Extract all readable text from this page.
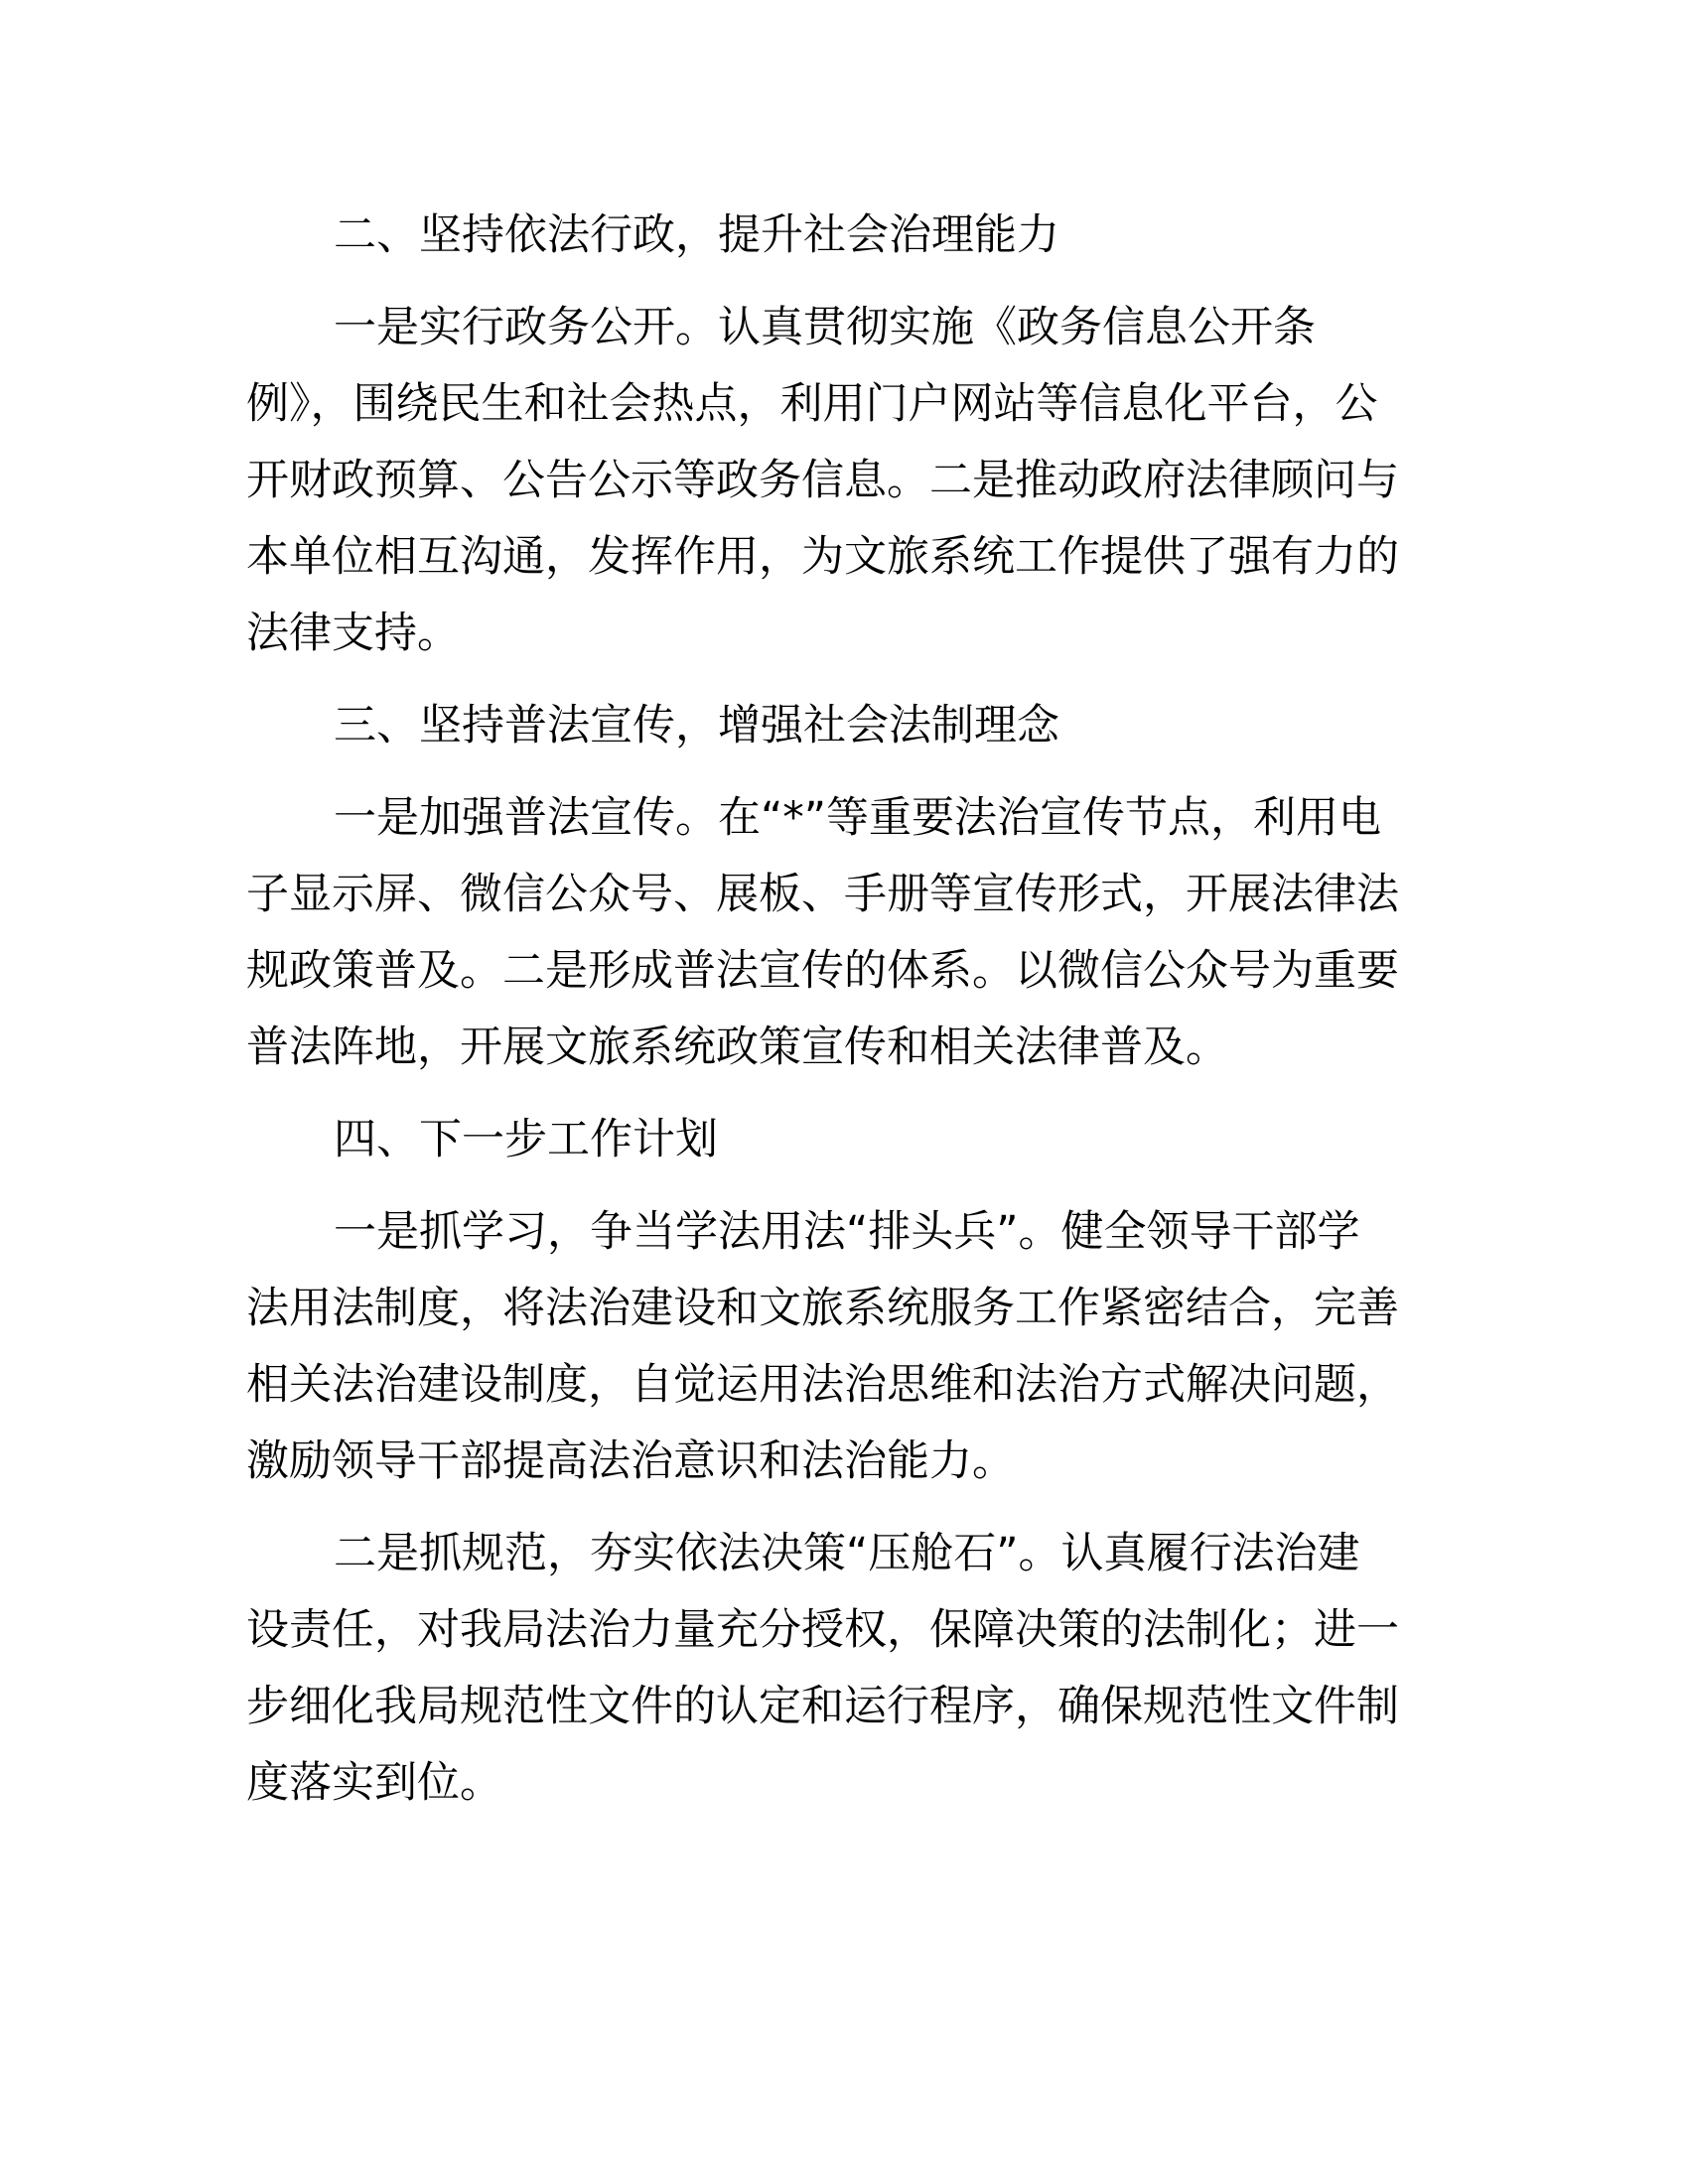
二、坚持依法行政，提升社会治理能力
一是实行政务公开。认真贯彻实施《政务信息公开条
例》，围绕民生和社会热点，利用门户网站等信息化平台，公
开财政预算、公告公示等政务信息。二是推动政府法律顾问与
本单位相互沟通，发挥作用，为文旅系统工作提供了强有力的
法律支持。
三、坚持普法宣传，增强社会法制理念
一是加强普法宣传。在“*”等重要法治宣传节点，利用电
子显示屏、微信公众号、展板、手册等宣传形式，开展法律法
规政策普及。二是形成普法宣传的体系。以微信公众号为重要
普法阵地，开展文旅系统政策宣传和相关法律普及。
四、下一步工作计划
一是抓学习，争当学法用法“排头兵”。健全领导干部学
法用法制度，将法治建设和文旅系统服务工作紧密结合，完善
相关法治建设制度，自觉运用法治思维和法治方式解决问题，
激励领导干部提高法治意识和法治能力。
二是抓规范，夯实依法决策“压舱石”。认真履行法治建
设责任，对我局法治力量充分授权，保障决策的法制化；进一
步细化我局规范性文件的认定和运行程序，确保规范性文件制
度落实到位。
